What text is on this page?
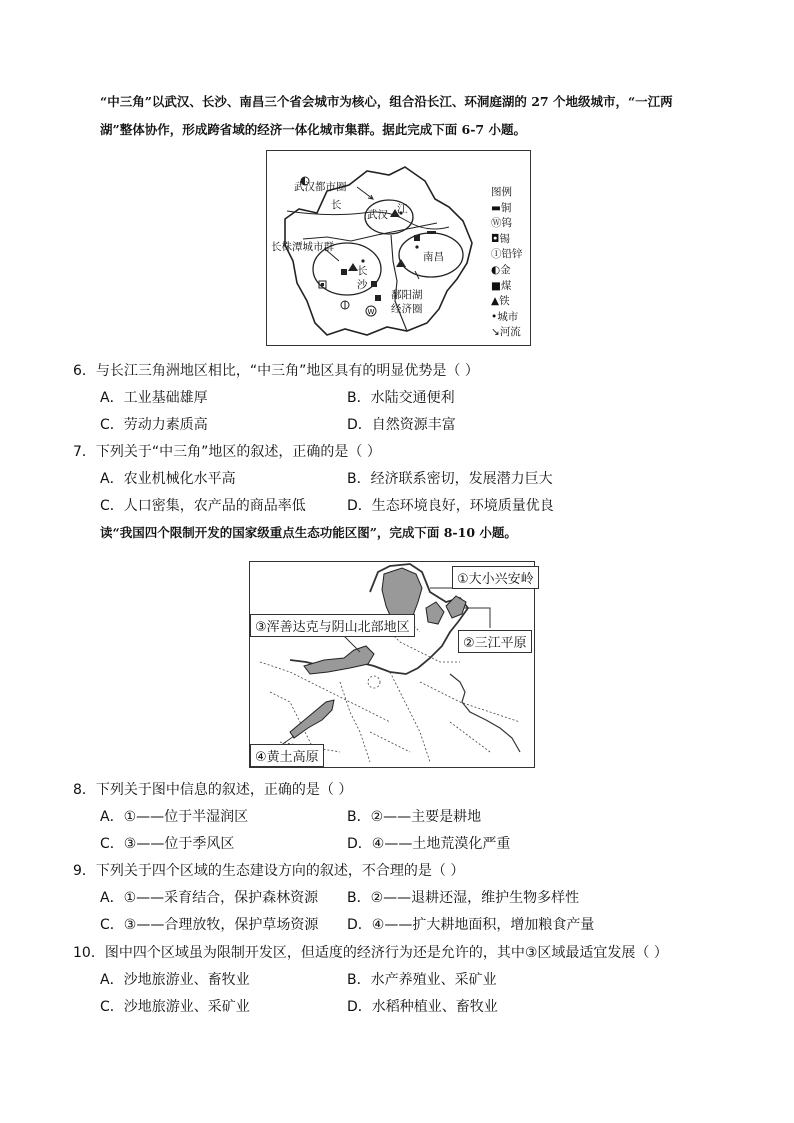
“中三角”以武汉、长沙、南昌三个省会城市为核心，组合沿长江、环洞庭湖的 27 个地级城市，“一江两
湖”整体协作，形成跨省域的经济一体化城市集群。据此完成下面 6-7 小题。
W
武汉都市圈
长
武汉 江
长株潭城市群
长
沙
南昌
鄱阳湖
经济圈
图例
▬铜
Ⓦ钨
◘锡
Ⓘ铅锌
◐金
■煤
▲铁
•城市
↘河流
6．与长江三角洲地区相比，“中三角”地区具有的明显优势是（ ）
A．工业基础雄厚	B．水陆交通便利
C．劳动力素质高	D．自然资源丰富
7．下列关于“中三角”地区的叙述，正确的是（ ）
A．农业机械化水平高	B．经济联系密切，发展潜力巨大
C．人口密集，农产品的商品率低	D．生态环境良好，环境质量优良
读“我国四个限制开发的国家级重点生态功能区图”，完成下面 8-10 小题。
①大小兴安岭
②三江平原
③浑善达克与阴山北部地区
④黄土高原
8．下列关于图中信息的叙述，正确的是（ ）
A．①——位于半湿润区	B．②——主要是耕地
C．③——位于季风区	D．④——土地荒漠化严重
9．下列关于四个区域的生态建设方向的叙述，不合理的是（ ）
A．①——采育结合，保护森林资源 B．②——退耕还湿，维护生物多样性
C．③——合理放牧，保护草场资源 D．④——扩大耕地面积，增加粮食产量
10．图中四个区域虽为限制开发区，但适度的经济行为还是允许的，其中③区域最适宜发展（ ）
A．沙地旅游业、畜牧业	B．水产养殖业、采矿业
C．沙地旅游业、采矿业	D．水稻种植业、畜牧业
